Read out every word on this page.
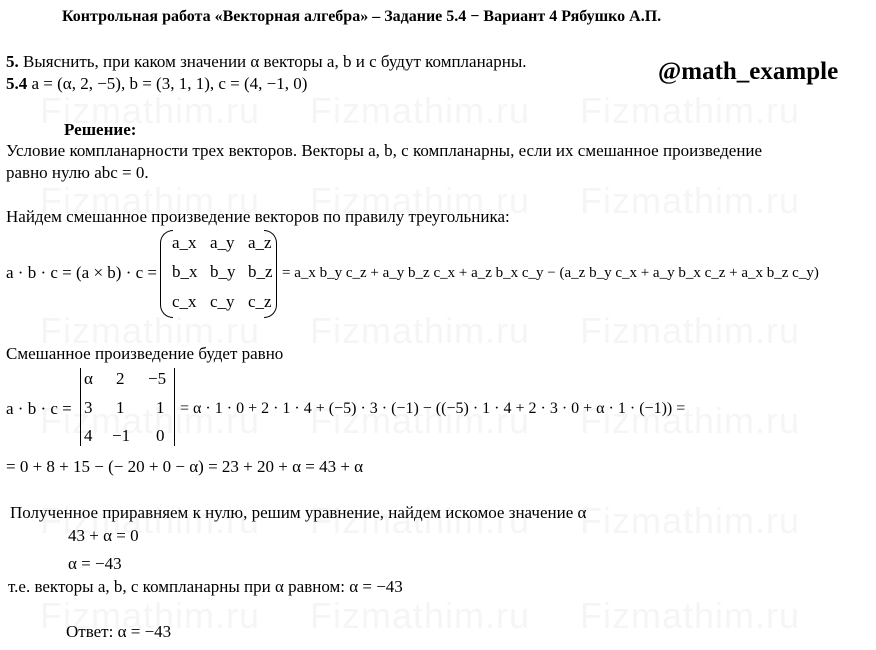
Контрольная работа «Векторная алгебра» – Задание 5.4 − Вариант 4 Рябушко А.П.
@math_example
5. Выяснить, при каком значении α векторы a, b и c будут компланарны.
5.4 a = (α, 2, −5), b = (3, 1, 1), c = (4, −1, 0)
Решение:
Условие компланарности трех векторов. Векторы a, b, c компланарны, если их смешанное произведение
равно нулю abc = 0.
Найдем смешанное произведение векторов по правилу треугольника:
a · b · c = (a × b) · c =
a_x a_y a_z
b_x b_y b_z
c_x c_y c_z
= a_x b_y c_z + a_y b_z c_x + a_z b_x c_y − (a_z b_y c_x + a_y b_x c_z + a_x b_z c_y)
Смешанное произведение будет равно
a · b · c =
α 2 −5
3 1 1
4 −1 0
= α · 1 · 0 + 2 · 1 · 4 + (−5) · 3 · (−1) − ((−5) · 1 · 4 + 2 · 3 · 0 + α · 1 · (−1)) =
= 0 + 8 + 15 − (− 20 + 0 − α) = 23 + 20 + α = 43 + α
Полученное приравняем к нулю, решим уравнение, найдем искомое значение α
43 + α = 0
α = −43
т.е. векторы a, b, c компланарны при α равном: α = −43
Ответ: α = −43
